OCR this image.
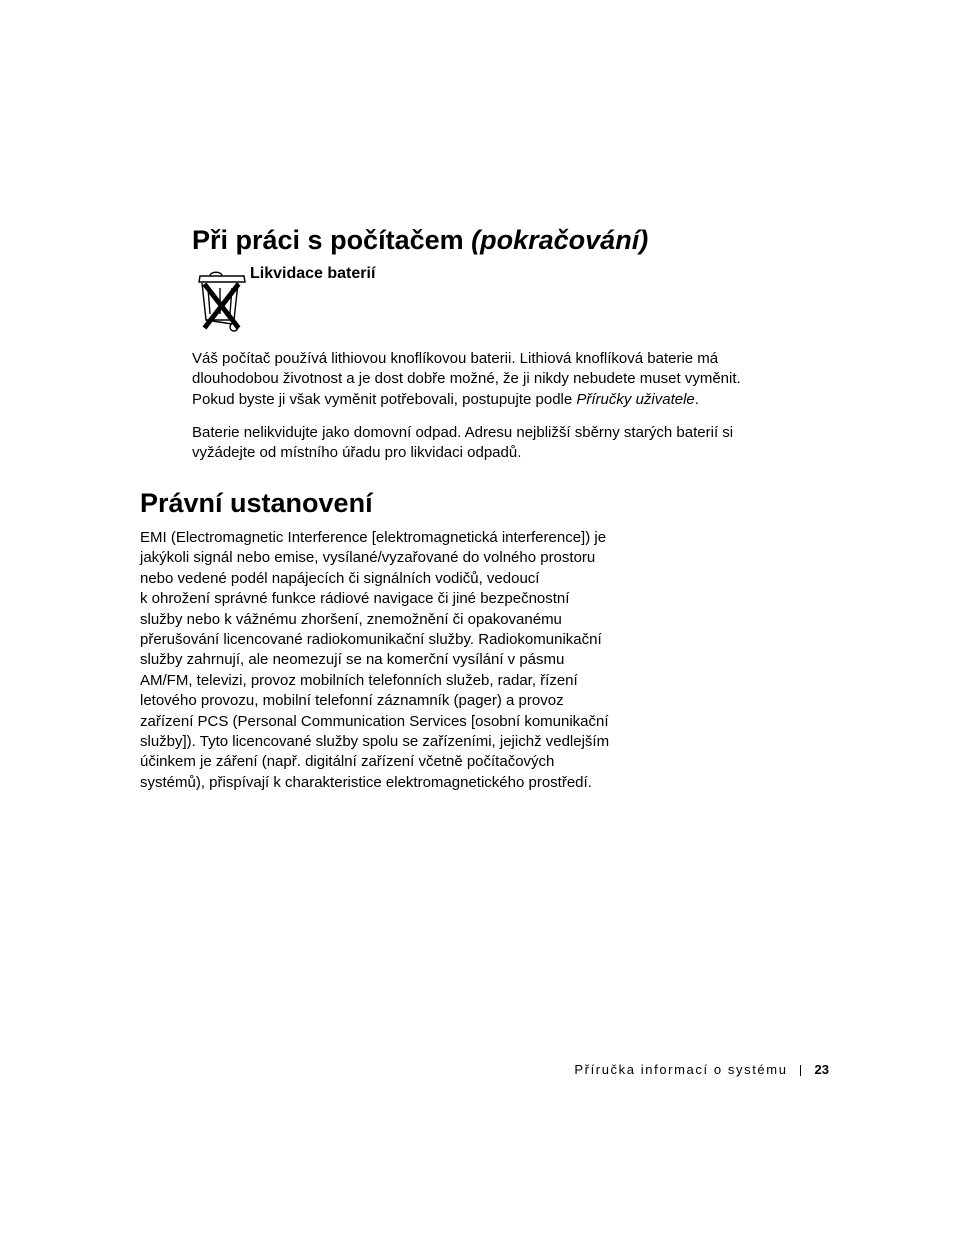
Při práci s počítačem (pokračování)
Likvidace baterií

Váš počítač používá lithiovou knoflíkovou baterii. Lithiová knoflíková baterie má
dlouhodobou životnost a je dost dobře možné, že ji nikdy nebudete muset vyměnit.
Pokud byste ji však vyměnit potřebovali, postupujte podle Příručky uživatele.

Baterie nelikvidujte jako domovní odpad. Adresu nejbližší sběrny starých baterií si
vyžádejte od místního úřadu pro likvidaci odpadů.

Právní ustanovení

EMI (Electromagnetic Interference [elektromagnetická interference]) je
jakýkoli signál nebo emise, vysílané/vyzařované do volného prostoru
nebo vedené podél napájecích či signálních vodičů, vedoucí
k ohrožení správné funkce rádiové navigace či jiné bezpečnostní
služby nebo k vážnému zhoršení, znemožnění či opakovanému
přerušování licencované radiokomunikační služby. Radiokomunikační
služby zahrnují, ale neomezují se na komerční vysílání v pásmu
AM/FM, televizi, provoz mobilních telefonních služeb, radar, řízení
letového provozu, mobilní telefonní záznamník (pager) a provoz
zařízení PCS (Personal Communication Services [osobní komunikační
služby]). Tyto licencované služby spolu se zařízeními, jejichž vedlejším
účinkem je záření (např. digitální zařízení včetně počítačových
systémů), přispívají k charakteristice elektromagnetického prostředí.

Příručka informací o systému 23
